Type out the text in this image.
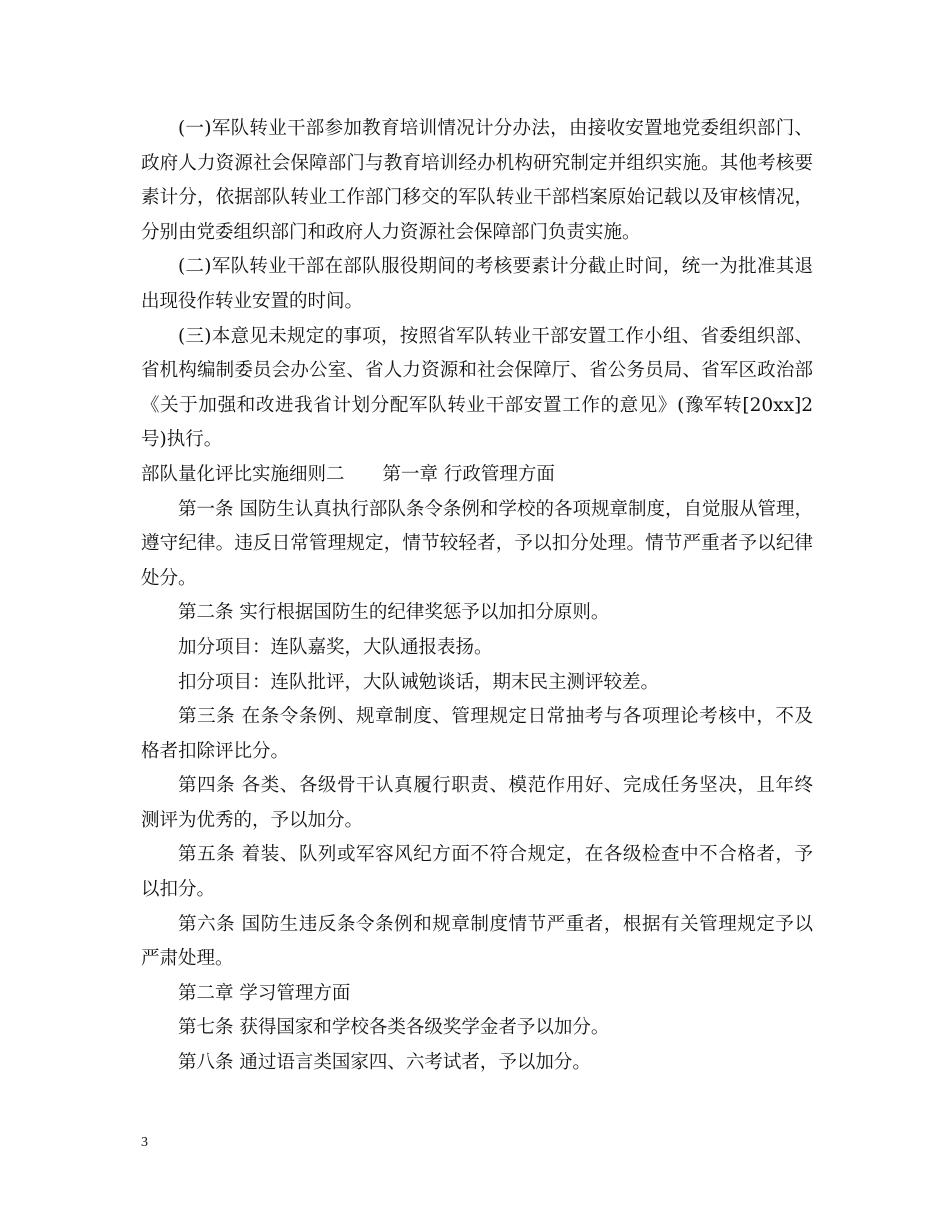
(一)军队转业干部参加教育培训情况计分办法，由接收安置地党委组织部门、
政府人力资源社会保障部门与教育培训经办机构研究制定并组织实施。其他考核要
素计分，依据部队转业工作部门移交的军队转业干部档案原始记载以及审核情况，
分别由党委组织部门和政府人力资源社会保障部门负责实施。
(二)军队转业干部在部队服役期间的考核要素计分截止时间，统一为批准其退
出现役作转业安置的时间。
(三)本意见未规定的事项，按照省军队转业干部安置工作小组、省委组织部、
省机构编制委员会办公室、省人力资源和社会保障厅、省公务员局、省军区政治部
《关于加强和改进我省计划分配军队转业干部安置工作的意见》(豫军转[20xx]2
号)执行。
部队量化评比实施细则二 第一章 行政管理方面
第一条 国防生认真执行部队条令条例和学校的各项规章制度，自觉服从管理，
遵守纪律。违反日常管理规定，情节较轻者，予以扣分处理。情节严重者予以纪律
处分。
第二条 实行根据国防生的纪律奖惩予以加扣分原则。
加分项目：连队嘉奖，大队通报表扬。
扣分项目：连队批评，大队诫勉谈话，期末民主测评较差。
第三条 在条令条例、规章制度、管理规定日常抽考与各项理论考核中，不及
格者扣除评比分。
第四条 各类、各级骨干认真履行职责、模范作用好、完成任务坚决，且年终
测评为优秀的，予以加分。
第五条 着装、队列或军容风纪方面不符合规定，在各级检查中不合格者，予
以扣分。
第六条 国防生违反条令条例和规章制度情节严重者，根据有关管理规定予以
严肃处理。
第二章 学习管理方面
第七条 获得国家和学校各类各级奖学金者予以加分。
第八条 通过语言类国家四、六考试者，予以加分。
3
